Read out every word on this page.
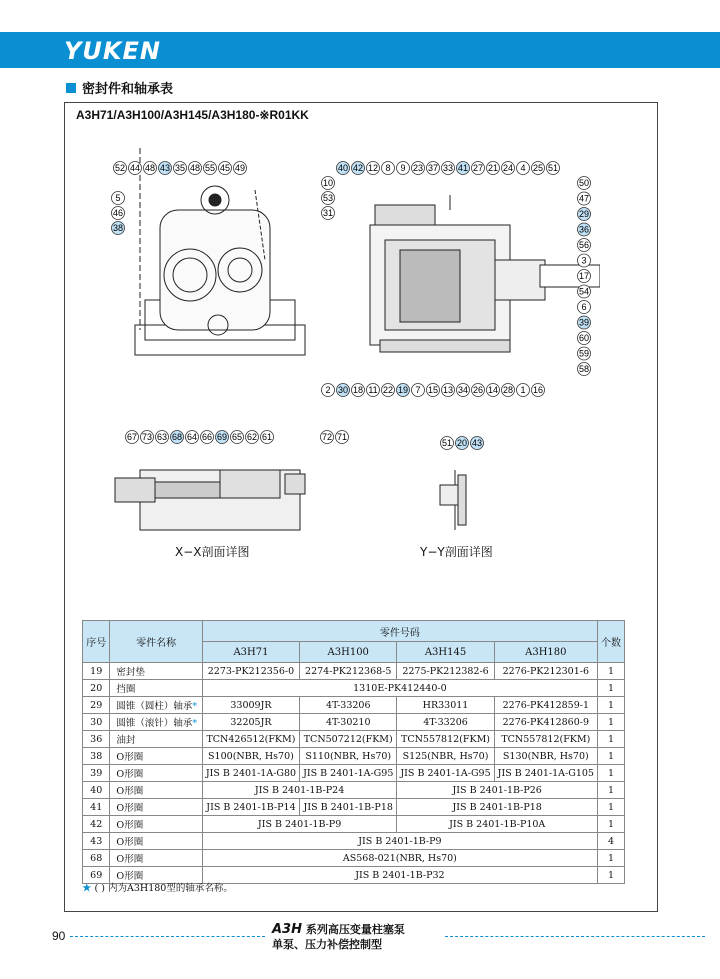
YUKEN
密封件和轴承表
A3H71/A3H100/A3H145/A3H180-※R01KK
52 44 48 43 35 48 55 45 49
5
46
38
40 42 12 8 9 23 37 33 41 27 21 24 4 25 51
10
53
31
50
47
29
36
56
3
17
54
6
39
60
59
58
2 30 18 11 22 19 7 15 13 34 26 14 28 1 16
67 73 63 68 64 66 69 65 62 61	72 71
51 20 43
X−X剖面详图	Y−Y剖面详图
序号	零件名称	零件号码				个数
		A3H71	A3H100	A3H145	A3H180	
19	密封垫	2273-PK212356-0	2274-PK212368-5	2275-PK212382-6	2276-PK212301-6	1
20	挡圈	1310E-PK412440-0				1
29	圆锥（圆柱）轴承*	33009JR	4T-33206	HR33011	2276-PK412859-1	1
30	圆锥（滚针）轴承*	32205JR	4T-30210	4T-33206	2276-PK412860-9	1
36	油封	TCN426512(FKM)	TCN507212(FKM)	TCN557812(FKM)	TCN557812(FKM)	1
38	O形圈	S100(NBR, Hs70)	S110(NBR, Hs70)	S125(NBR, Hs70)	S130(NBR, Hs70)	1
39	O形圈	JIS B 2401-1A-G80	JIS B 2401-1A-G95	JIS B 2401-1A-G95	JIS B 2401-1A-G105	1
40	O形圈	JIS B 2401-1B-P24		JIS B 2401-1B-P26		1
41	O形圈	JIS B 2401-1B-P14	JIS B 2401-1B-P18	JIS B 2401-1B-P18		1
42	O形圈	JIS B 2401-1B-P9		JIS B 2401-1B-P10A		1
43	O形圈	JIS B 2401-1B-P9				4
68	O形圈	AS568-021(NBR, Hs70)				1
69	O形圈	JIS B 2401-1B-P32				1
★ ( ) 内为A3H180型的轴承名称。
90	A3H 系列高压变量柱塞泵
单泵、压力补偿控制型
